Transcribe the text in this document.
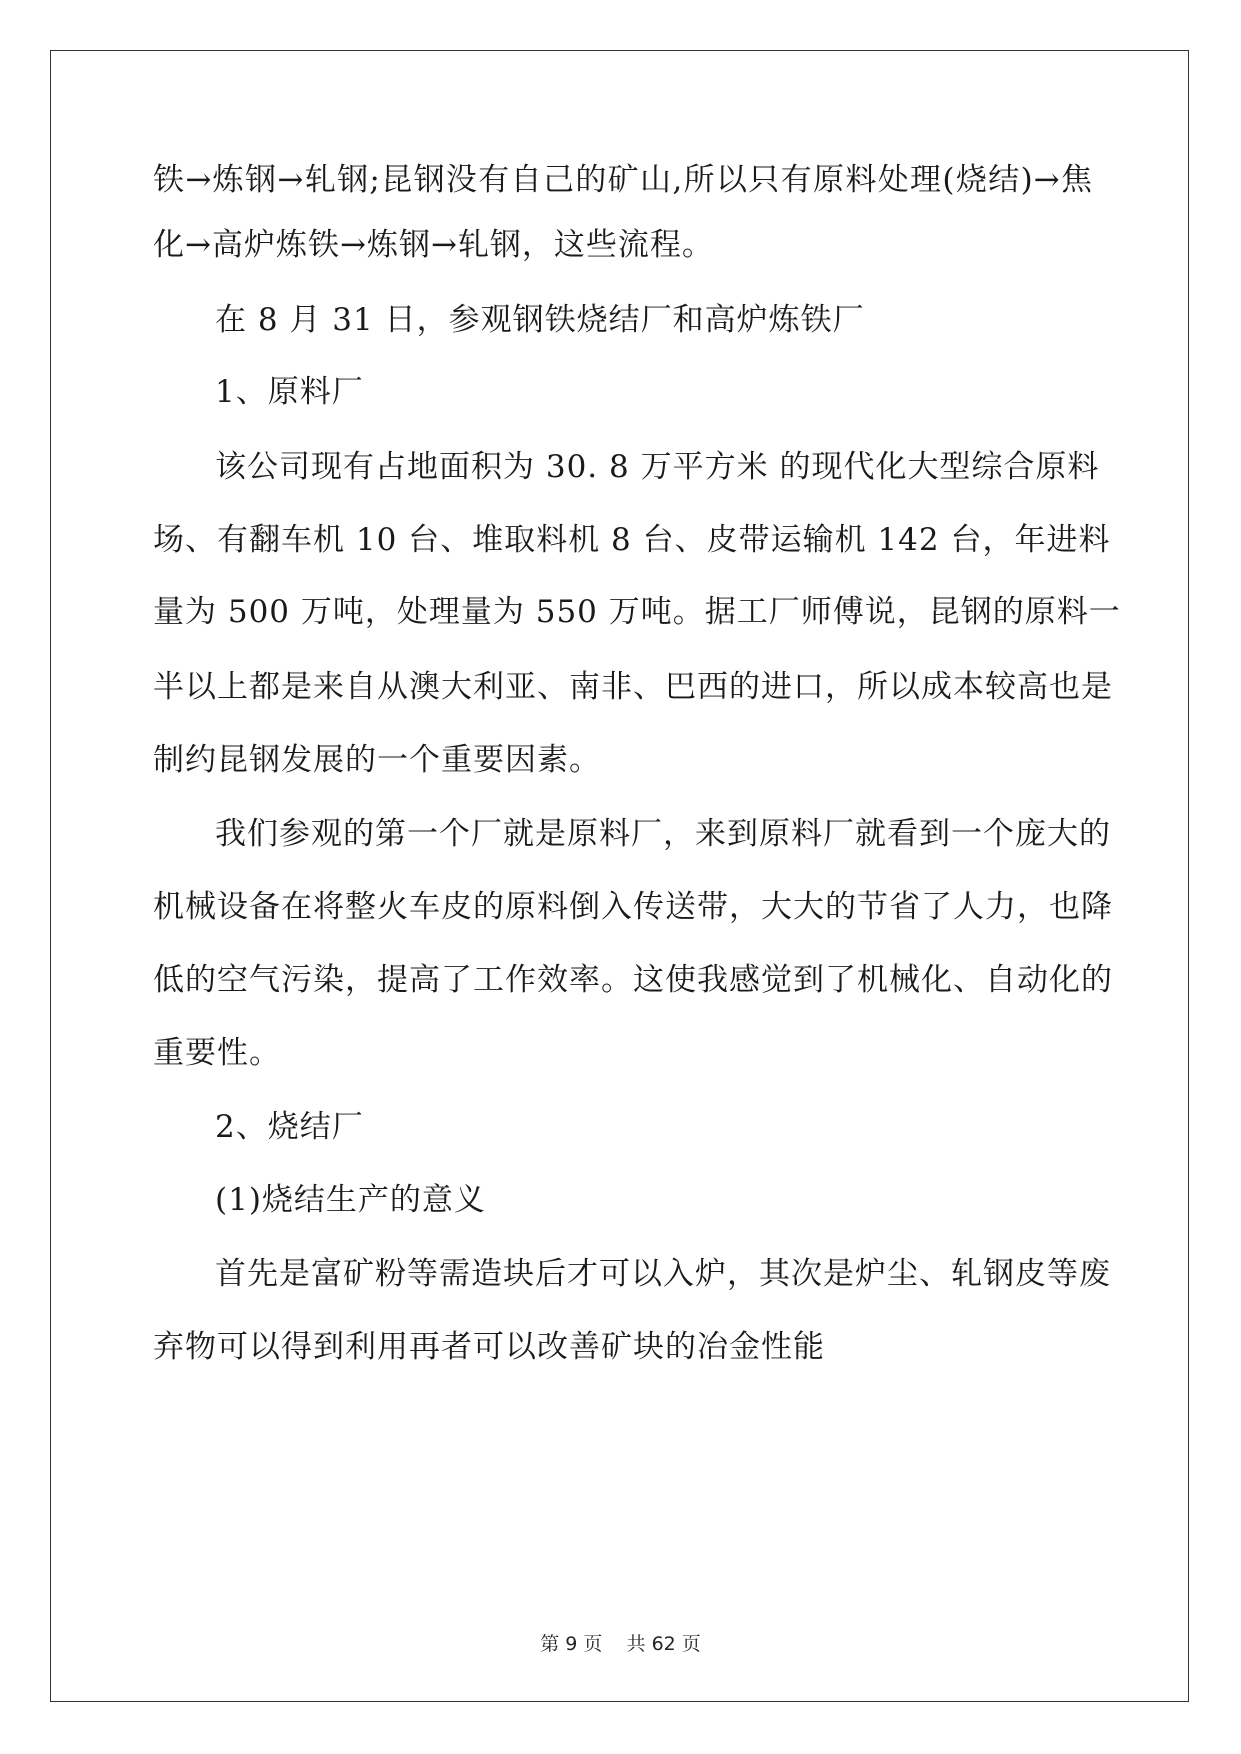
铁→炼钢→轧钢;昆钢没有自己的矿山,所以只有原料处理(烧结)→焦
化→高炉炼铁→炼钢→轧钢，这些流程。
在 8 月 31 日，参观钢铁烧结厂和高炉炼铁厂
1、原料厂
该公司现有占地面积为 30. 8 万平方米 的现代化大型综合原料
场、有翻车机 10 台、堆取料机 8 台、皮带运输机 142 台，年进料
量为 500 万吨，处理量为 550 万吨。据工厂师傅说，昆钢的原料一
半以上都是来自从澳大利亚、南非、巴西的进口，所以成本较高也是
制约昆钢发展的一个重要因素。
我们参观的第一个厂就是原料厂，来到原料厂就看到一个庞大的
机械设备在将整火车皮的原料倒入传送带，大大的节省了人力，也降
低的空气污染，提高了工作效率。这使我感觉到了机械化、自动化的
重要性。
2、烧结厂
(1)烧结生产的意义
首先是富矿粉等需造块后才可以入炉，其次是炉尘、轧钢皮等废
弃物可以得到利用再者可以改善矿块的冶金性能
第 9 页    共 62 页
